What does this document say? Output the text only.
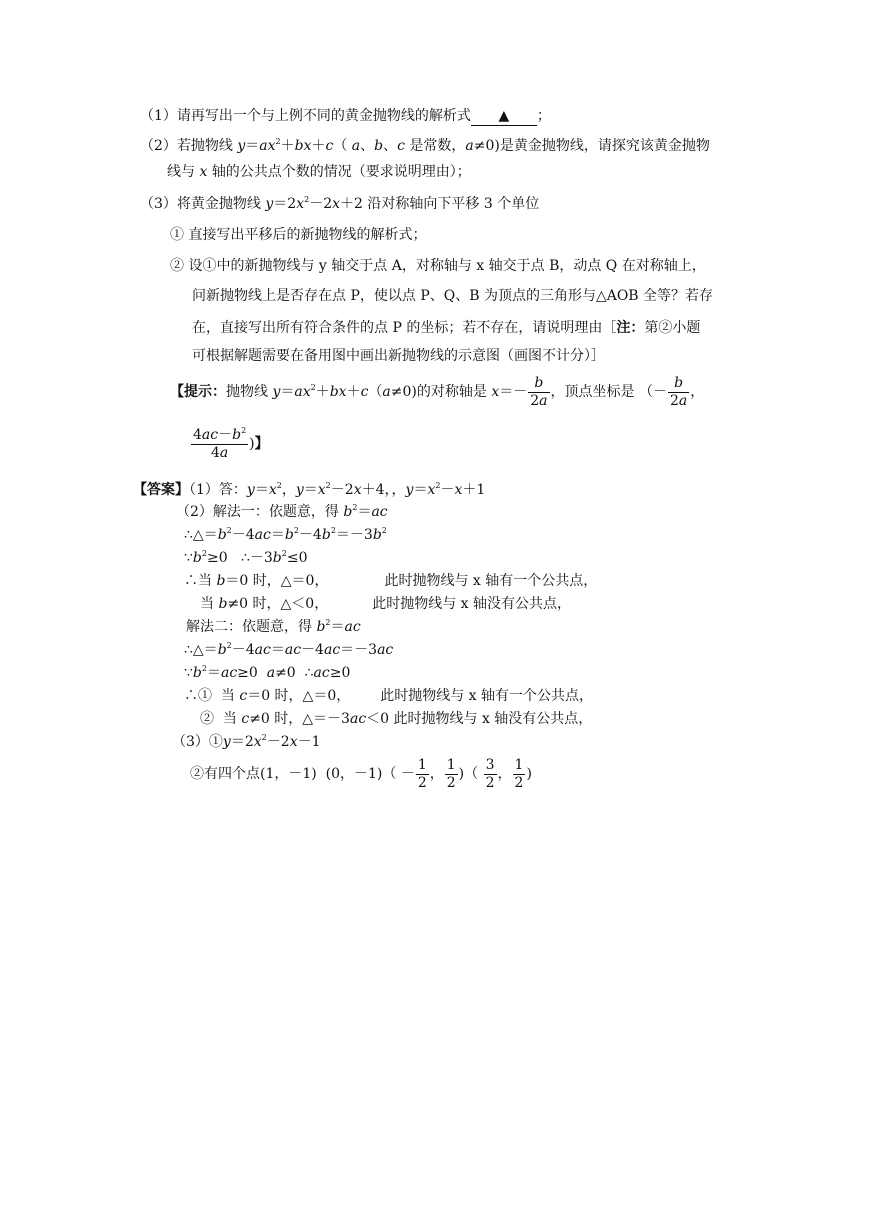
（1）请再写出一个与上例不同的黄金抛物线的解析式 ▲ ；
（2）若抛物线 $y=ax^2+bx+c$（ a、b、c 是常数，a≠0)是黄金抛物线，请探究该黄金抛物
线与 x 轴的公共点个数的情况（要求说明理由）；
（3）将黄金抛物线 $y=2x^2-2x+2$ 沿对称轴向下平移 3 个单位
① 直接写出平移后的新抛物线的解析式；
② 设①中的新抛物线与 y 轴交于点 A，对称轴与 x 轴交于点 B，动点 Q 在对称轴上，
问新抛物线上是否存在点 P，使以点 P、Q、B 为顶点的三角形与△AOB 全等？若存
在，直接写出所有符合条件的点 P 的坐标；若不存在，请说明理由［注：第②小题
可根据解题需要在备用图中画出新抛物线的示意图（画图不计分）］
【提示：抛物线 $y=ax^2+bx+c(a\ne 0)$的对称轴是 $x=- \frac{b}{2a}$ ，顶点坐标是 （－ $\frac{b}{2a}$ ，
$\frac{4ac-b^2}{4a}$ )】
【答案】（1）答：$y=x^2$，$y=x^2-2x+4$，，$y=x^2-x+1$
（2）解法一：依题意，得 $b^2=ac$
$\therefore\triangle=b^2-4ac=b^2-4b^2=-3b^2$
$\because b^2\ge 0$   $\therefore-3b^2\le 0$
∴当 b＝0 时，△＝0，	此时抛物线与 x 轴有一个公共点，
当 b≠0 时，△＜0，	此时抛物线与 x 轴没有公共点，
解法二：依题意，得 $b^2=ac$
$\therefore\triangle=b^2-4ac=ac-4ac=-3ac$
$\because b^2=ac\ge 0$  a≠0  ∴ac≥0
∴①  当 c＝0 时，△＝0， 此时抛物线与 x 轴有一个公共点，
②  当 c≠0 时，△＝－3ac＜0 此时抛物线与 x 轴没有公共点，
$(3)①y=2x^2-2x-1$
②有四个点(1，－1)  (0，$-1)( - \frac{1}{2}$ ， $\frac{1}{2}$ )（ $\frac{3}{2}$ ， $\frac{1}{2}$ )
